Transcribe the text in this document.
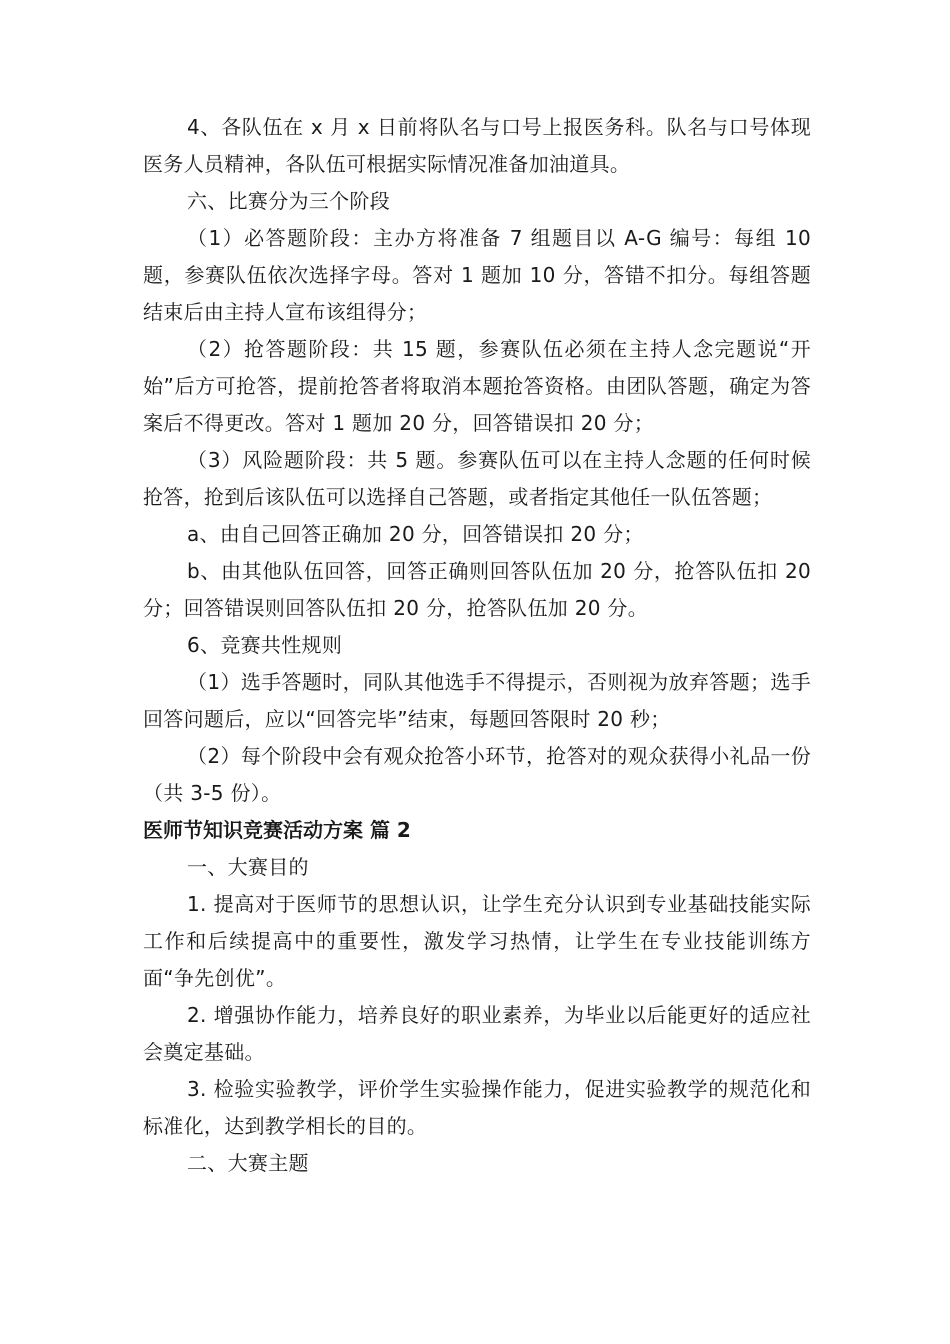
4、各队伍在 x 月 x 日前将队名与口号上报医务科。队名与口号体现医务人员精神，各队伍可根据实际情况准备加油道具。

六、比赛分为三个阶段

（1）必答题阶段：主办方将准备 7 组题目以 A-G 编号：每组 10 题，参赛队伍依次选择字母。答对 1 题加 10 分，答错不扣分。每组答题结束后由主持人宣布该组得分；

（2）抢答题阶段：共 15 题，参赛队伍必须在主持人念完题说“开始”后方可抢答，提前抢答者将取消本题抢答资格。由团队答题，确定为答案后不得更改。答对 1 题加 20 分，回答错误扣 20 分；

（3）风险题阶段：共 5 题。参赛队伍可以在主持人念题的任何时候抢答，抢到后该队伍可以选择自己答题，或者指定其他任一队伍答题；

a、由自己回答正确加 20 分，回答错误扣 20 分；

b、由其他队伍回答，回答正确则回答队伍加 20 分，抢答队伍扣 20 分；回答错误则回答队伍扣 20 分，抢答队伍加 20 分。

6、竞赛共性规则

（1）选手答题时，同队其他选手不得提示，否则视为放弃答题；选手回答问题后，应以“回答完毕”结束，每题回答限时 20 秒；

（2）每个阶段中会有观众抢答小环节，抢答对的观众获得小礼品一份（共 3-5 份）。

医师节知识竞赛活动方案 篇 2

一、大赛目的

1. 提高对于医师节的思想认识，让学生充分认识到专业基础技能实际工作和后续提高中的重要性，激发学习热情，让学生在专业技能训练方面“争先创优”。

2. 增强协作能力，培养良好的职业素养，为毕业以后能更好的适应社会奠定基础。

3. 检验实验教学，评价学生实验操作能力，促进实验教学的规范化和标准化，达到教学相长的目的。

二、大赛主题
